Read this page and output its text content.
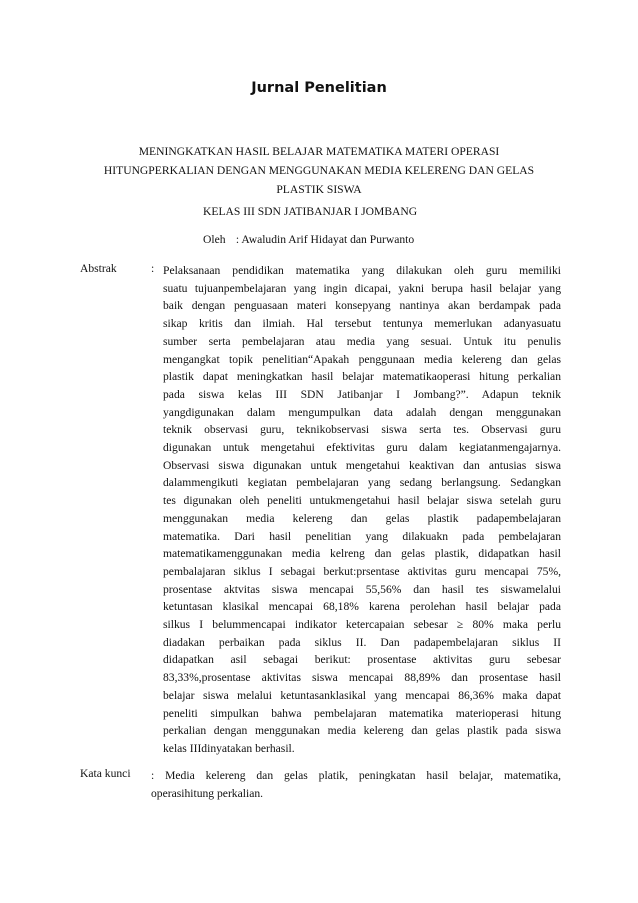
Jurnal Penelitian
MENINGKATKAN HASIL BELAJAR MATEMATIKA MATERI OPERASI
HITUNGPERKALIAN DENGAN MENGGUNAKAN MEDIA KELERENG DAN GELAS
PLASTIK SISWA
KELAS III SDN JATIBANJAR I JOMBANG
Oleh : Awaludin Arif Hidayat dan Purwanto
Abstrak	: Pelaksanaan pendidikan matematika yang dilakukan oleh guru memiliki
suatu tujuanpembelajaran yang ingin dicapai, yakni berupa hasil belajar yang
baik dengan penguasaan materi konsepyang nantinya akan berdampak pada
sikap kritis dan ilmiah. Hal tersebut tentunya memerlukan adanyasuatu
sumber serta pembelajaran atau media yang sesuai. Untuk itu penulis
mengangkat topik penelitian“Apakah penggunaan media kelereng dan gelas
plastik dapat meningkatkan hasil belajar matematikaoperasi hitung perkalian
pada siswa kelas III SDN Jatibanjar I Jombang?”. Adapun teknik
yangdigunakan dalam mengumpulkan data adalah dengan menggunakan
teknik observasi guru, teknikobservasi siswa serta tes. Observasi guru
digunakan untuk mengetahui efektivitas guru dalam kegiatanmengajarnya.
Observasi siswa digunakan untuk mengetahui keaktivan dan antusias siswa
dalammengikuti kegiatan pembelajaran yang sedang berlangsung. Sedangkan
tes digunakan oleh peneliti untukmengetahui hasil belajar siswa setelah guru
menggunakan media kelereng dan gelas plastik padapembelajaran
matematika. Dari hasil penelitian yang dilakuakn pada pembelajaran
matematikamenggunakan media kelreng dan gelas plastik, didapatkan hasil
pembalajaran siklus I sebagai berkut:prsentase aktivitas guru mencapai 75%,
prosentase aktvitas siswa mencapai 55,56% dan hasil tes siswamelalui
ketuntasan klasikal mencapai 68,18% karena perolehan hasil belajar pada
silkus I belummencapai indikator ketercapaian sebesar ≥ 80% maka perlu
diadakan perbaikan pada siklus II. Dan padapembelajaran siklus II
didapatkan asil sebagai berikut: prosentase aktivitas guru sebesar
83,33%,prosentase aktivitas siswa mencapai 88,89% dan prosentase hasil
belajar siswa melalui ketuntasanklasikal yang mencapai 86,36% maka dapat
peneliti simpulkan bahwa pembelajaran matematika materioperasi hitung
perkalian dengan menggunakan media kelereng dan gelas plastik pada siswa
kelas IIIdinyatakan berhasil.
Kata kunci : Media kelereng dan gelas platik, peningkatan hasil belajar, matematika,
operasihitung perkalian.
